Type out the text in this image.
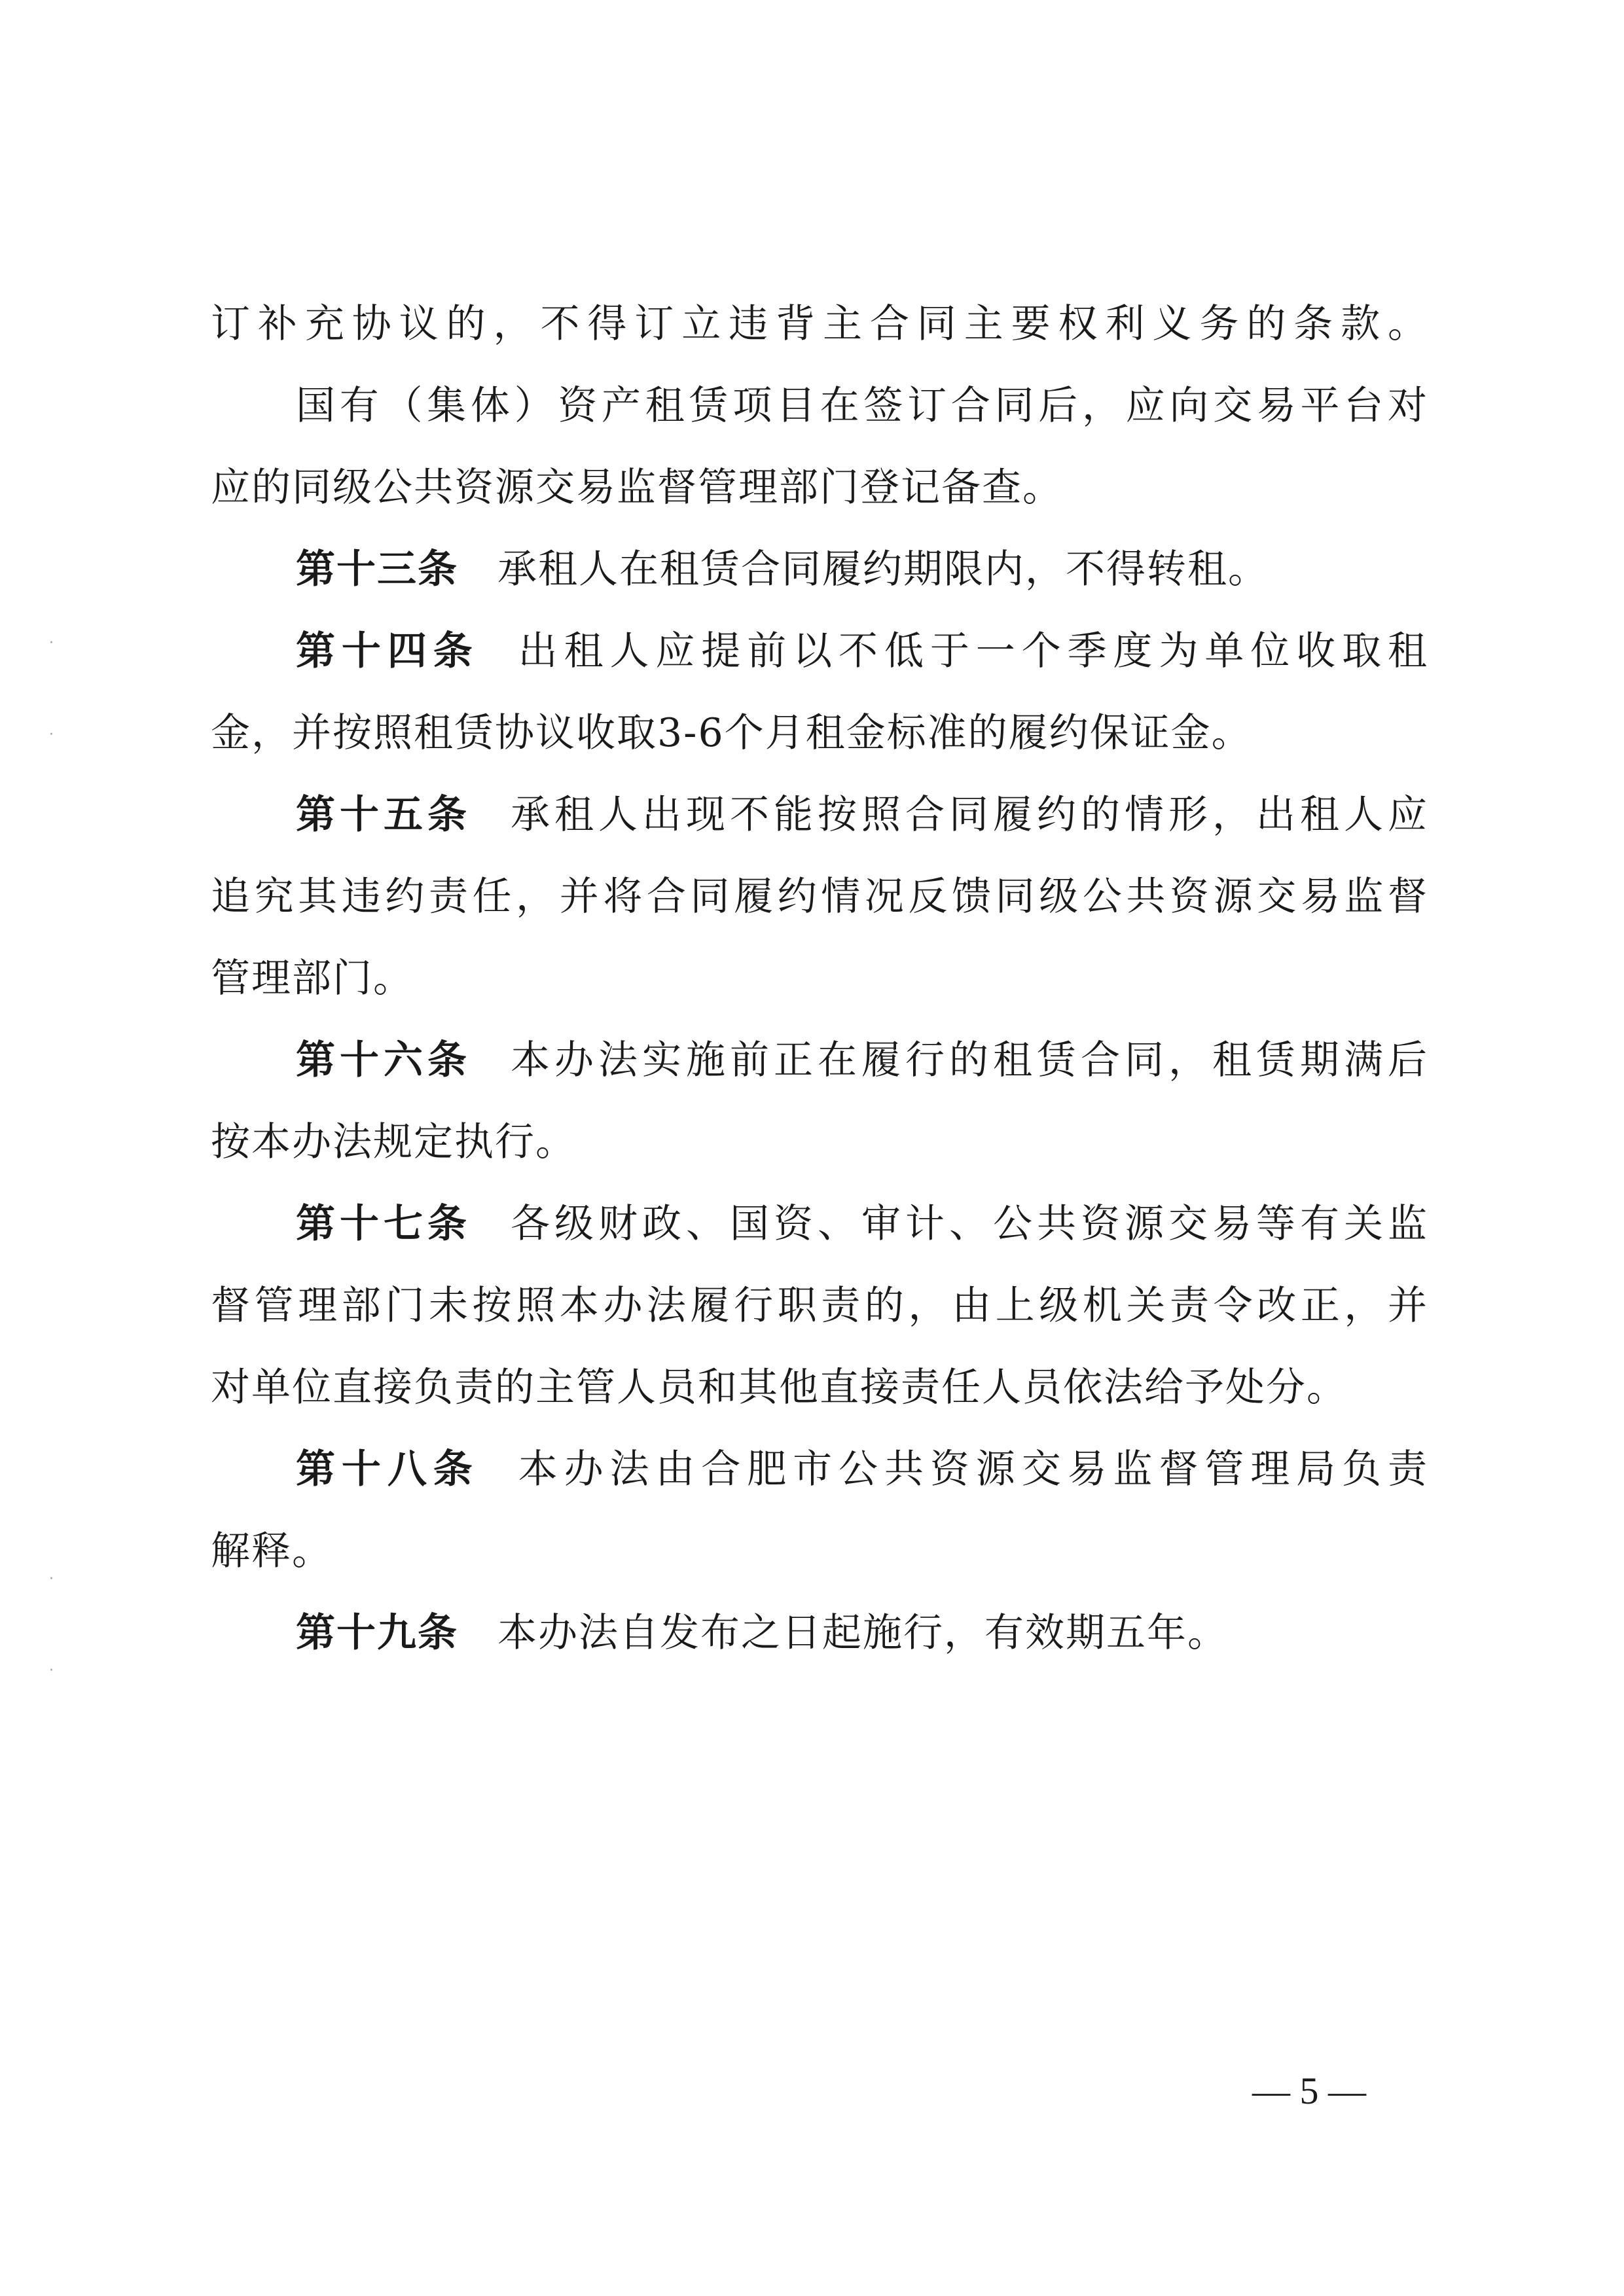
订补充协议的，不得订立违背主合同主要权利义务的条款。
国有（集体）资产租赁项目在签订合同后，应向交易平台对
应的同级公共资源交易监督管理部门登记备查。
第十三条 承租人在租赁合同履约期限内，不得转租。
第十四条 出租人应提前以不低于一个季度为单位收取租
金，并按照租赁协议收取3-6个月租金标准的履约保证金。
第十五条 承租人出现不能按照合同履约的情形，出租人应
追究其违约责任，并将合同履约情况反馈同级公共资源交易监督
管理部门。
第十六条 本办法实施前正在履行的租赁合同，租赁期满后
按本办法规定执行。
第十七条 各级财政、国资、审计、公共资源交易等有关监
督管理部门未按照本办法履行职责的，由上级机关责令改正，并
对单位直接负责的主管人员和其他直接责任人员依法给予处分。
第十八条 本办法由合肥市公共资源交易监督管理局负责
解释。
第十九条 本办法自发布之日起施行，有效期五年。
— 5 —
·
·
·
·
